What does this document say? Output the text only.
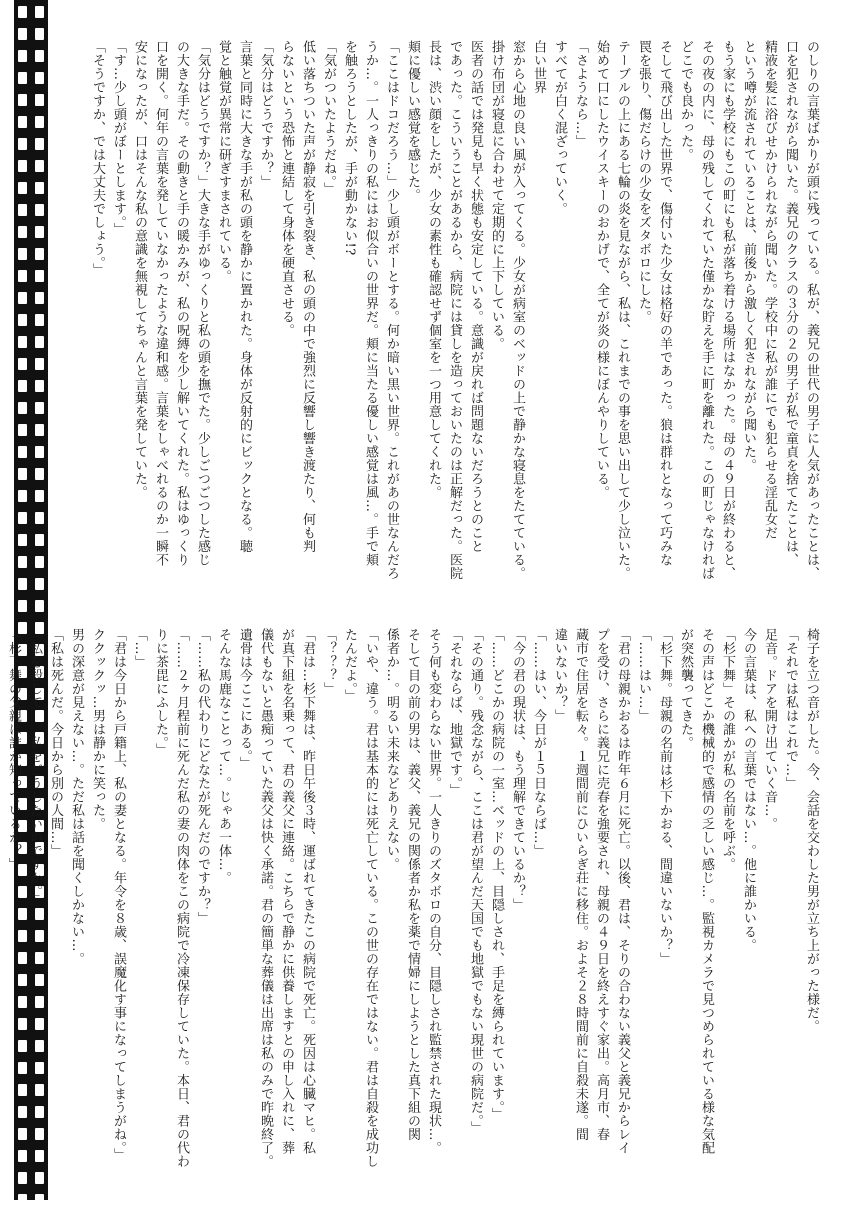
のしりの言葉ばかりが頭に残っている。私が、義兄の世代の男子に人気があったことは、
口を犯されながら聞いた。義兄のクラスの３分の２の男子が私で童貞を捨てたことは、
精液を髪に浴びせかけられながら聞いた。学校中に私が誰にでも犯らせる淫乱女だ
という噂が流されていることは、前後から激しく犯されながら聞いた。
もう家にも学校にもこの町にも私が落ち着ける場所はなかった。母の４９日が終わると、
その夜の内に、母の残してくれていた僅かな貯えを手に町を離れた。この町じゃなければ
どこでも良かった。
そして飛び出した世界で、傷付いた少女は格好の羊であった。狼は群れとなって巧みな
罠を張り、傷だらけの少女をズタボロにした。
テーブルの上にある七輪の炎を見ながら、私は、これまでの事を思い出して少し泣いた。
始めて口にしたウイスキーのおかげで、全てが炎の様にぼんやりしている。
「さようなら…」
すべてが白く混ざっていく。
白い世界
窓から心地の良い風が入ってくる。少女が病室のベッドの上で静かな寝息をたてている。
掛け布団が寝息に合わせて定期的に上下している。
医者の話では発見も早く状態も安定している。意識が戻れば問題ないだろうとのこと
であった。こういうことがあるから、病院には貸しを造っておいたのは正解だった。医院
長は、渋い顔をしたが、少女の素性も確認せず個室を一つ用意してくれた。
頬に優しい感覚を感じた。
「ここはドコだろう…」少し頭がボーとする。何か暗い黒い世界。これがあの世なんだろ
うか…。一人っきりの私にはお似合いの世界だ。頬に当たる優しい感覚は風…。手で頬
を触ろうとしたが、手が動かない!?
「気がついたようだね。」
低い落ちついた声が静寂を引き裂き、私の頭の中で強烈に反響し響き渡たり、何も判
らないという恐怖と連結して身体を硬直させる。
「気分はどうですか？」
言葉と同時に大きな手が私の頭を静かに置かれた。身体が反射的にビックとなる。聴
覚と触覚が異常に研ぎすまされている。
「気分はどうですか？」大きな手がゆっくりと私の頭を撫でた。少しごつごつした感じ
の大きな手だ。その動きと手の暖かみが、私の呪縛を少し解いてくれた。私はゆっくり
口を開く。何年の言葉を発していなかったような違和感。言葉をしゃべれるのか一瞬不
安になったが、口はそんな私の意識を無視してちゃんと言葉を発していた。
「す…少し頭がぼーとします。」
「そうですか、では大丈夫でしょう。」
椅子を立つ音がした。今、会話を交わした男が立ち上がった様だ。
「それでは私はこれで…」
足音。ドアを開け出ていく音…。
今の言葉は、私への言葉ではない…。他に誰かいる。
「杉下舞」その誰かが私の名前を呼ぶ。
その声はどこか機械的で感情の乏しい感じ…。監視カメラで見つめられている様な気配
が突然襲ってきた。
「杉下舞。母親の名前は杉下かおる、間違いないか？」
「……はい…」
「君の母親かおるは昨年６月に死亡。以後、君は、そりの合わない義父と義兄からレイ
プを受け、さらに義兄に売春を強要され、母親の４９日を終えすぐ家出。高月市、春
蔵市で住居を転々。１週間前にひいらぎ荘に移住。およそ２８時間前に自殺未遂。間
違いないか？」
「……はい、今日が１５日ならば…」
「今の君の現状は、もう理解できているか？」
「……どこかの病院の一室…ベッドの上、目隠しされ、手足を縛られています。」
「その通り。残念ながら、ここは君が望んだ天国でも地獄でもない現世の病院だ。」
「それならば、地獄です。」
そう何も変わらない世界。一人きりのズタボロの自分、目隠しされ監禁された現状…。
そして目の前の男は、義父、義兄の関係者か私を薬で情婦にしようとした真下組の関
係者か…。明るい未来などありえない。
「いや、違う。君は基本的には死亡している。この世の存在ではない。君は自殺を成功し
たんだよ。」
「？？？」
「君は…杉下舞は、昨日午後３時、運ばれてきたこの病院で死亡。死因は心臓マヒ。私
が真下組を名乗って、君の義父に連絡。こちらで静かに供養しますとの申し入れに、葬
儀代もないと愚痴っていた義父は快く承諾。君の簡単な葬儀は出席は私のみで昨晩終了。
遺骨は今ここにある。」
そんな馬鹿なことって…。じゃあ一体…。
「……私の代わりにどなたが死んだのですか？」
「……２ヶ月程前に死んだ私の妻の肉体をこの病院で冷凍保存していた。本日、君の代わ
りに茶毘にふした。」
「…」
「君は今日から戸籍上、私の妻となる。年令を８歳、誤魔化す事になってしまうがね。」
ククックッ…男は静かに笑った。
男の深意が見えない…。ただ私は話を聞くしかない…。
「私は死んだ。今日から別の人間…」
「私を殺して…。私をどうしたいのですか。」
「杉下舞の父親は誰か知っているか？」
